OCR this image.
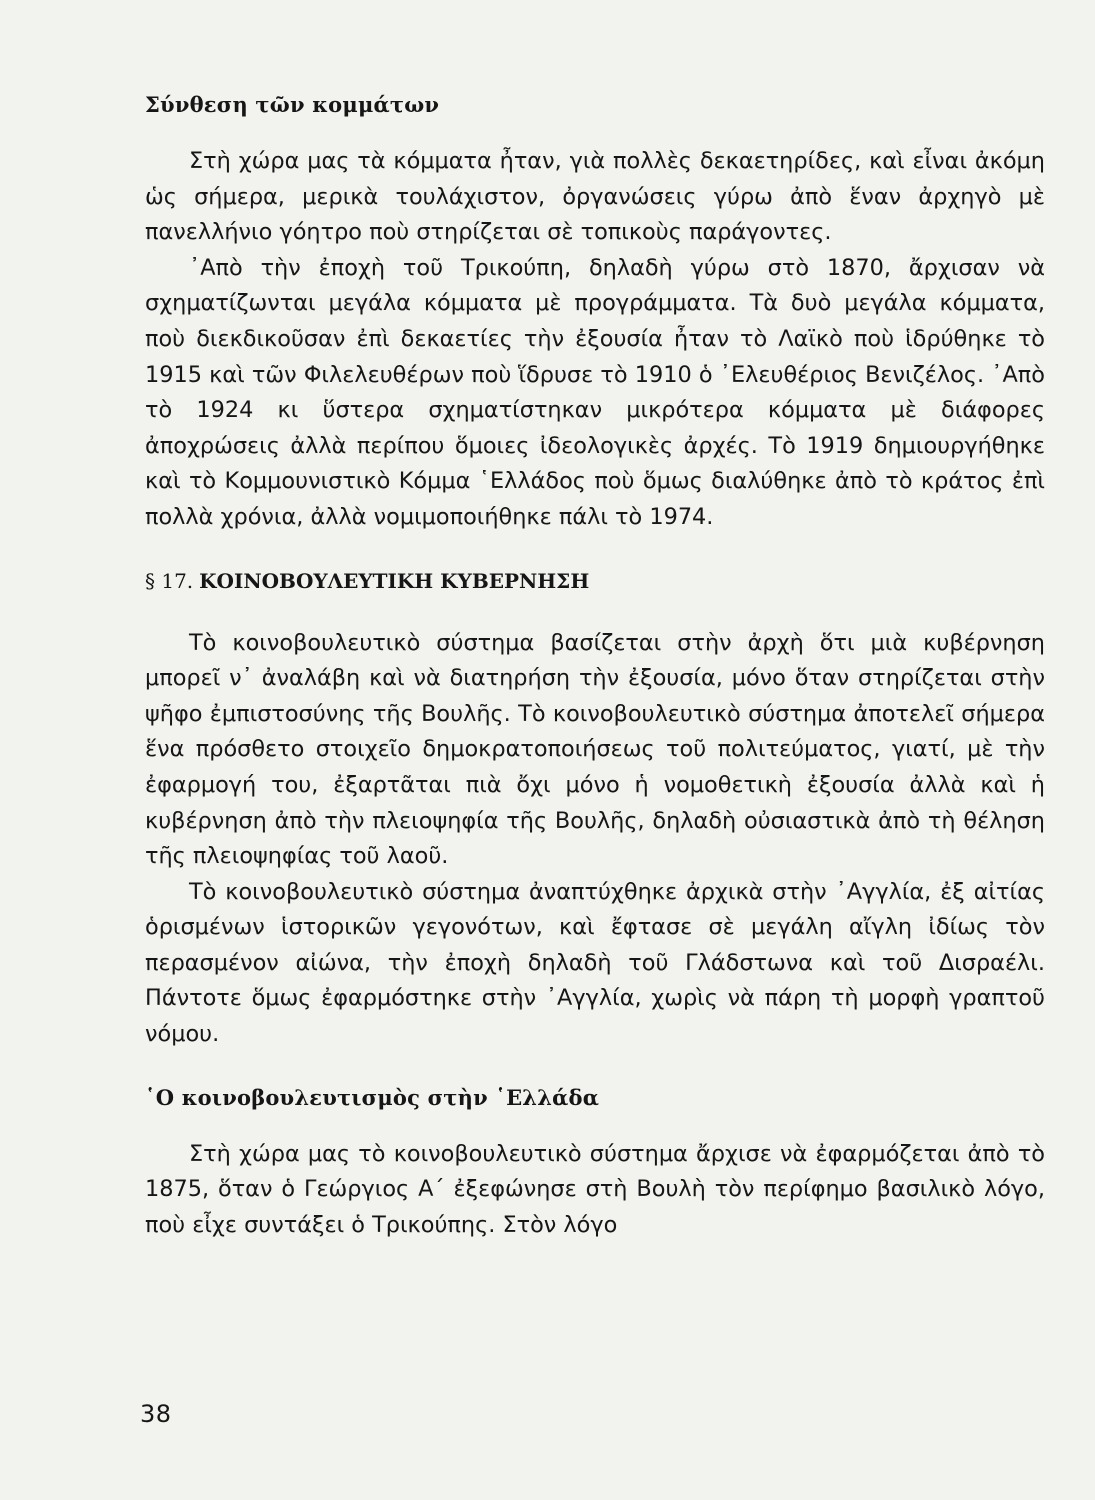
Σύνθεση τῶν κομμάτων

Στὴ χώρα μας τὰ κόμματα ἦταν, γιὰ πολλὲς δεκαετηρίδες, καὶ εἶναι ἀκόμη ὡς σήμερα, μερικὰ τουλάχιστον, ὀργανώσεις γύρω ἀπὸ ἕναν ἀρχηγὸ μὲ πανελλήνιο γόητρο ποὺ στηρίζεται σὲ τοπικοὺς παράγοντες.

᾿Απὸ τὴν ἐποχὴ τοῦ Τρικούπη, δηλαδὴ γύρω στὸ 1870, ἄρχισαν νὰ σχηματίζωνται μεγάλα κόμματα μὲ προγράμματα. Τὰ δυὸ μεγάλα κόμματα, ποὺ διεκδικοῦσαν ἐπὶ δεκαετίες τὴν ἐξουσία ἦταν τὸ Λαϊκὸ ποὺ ἱδρύθηκε τὸ 1915 καὶ τῶν Φιλελευθέρων ποὺ ἵδρυσε τὸ 1910 ὁ ᾿Ελευθέριος Βενιζέλος. ᾿Απὸ τὸ 1924 κι ὕστερα σχηματίστηκαν μικρότερα κόμματα μὲ διάφορες ἀποχρώσεις ἀλλὰ περίπου ὅμοιες ἰδεολογικὲς ἀρχές. Τὸ 1919 δημιουργήθηκε καὶ τὸ Κομμουνιστικὸ Κόμμα ῾Ελλάδος ποὺ ὅμως διαλύθηκε ἀπὸ τὸ κράτος ἐπὶ πολλὰ χρόνια, ἀλλὰ νομιμοποιήθηκε πάλι τὸ 1974.

§ 17. ΚΟΙΝΟΒΟΥΛΕΥΤΙΚΗ ΚΥΒΕΡΝΗΣΗ

Τὸ κοινοβουλευτικὸ σύστημα βασίζεται στὴν ἀρχὴ ὅτι μιὰ κυβέρνηση μπορεῖ ν᾿ ἀναλάβη καὶ νὰ διατηρήση τὴν ἐξουσία, μόνο ὅταν στηρίζεται στὴν ψῆφο ἐμπιστοσύνης τῆς Βουλῆς. Τὸ κοινοβουλευτικὸ σύστημα ἀποτελεῖ σήμερα ἕνα πρόσθετο στοιχεῖο δημοκρατοποιήσεως τοῦ πολιτεύματος, γιατί, μὲ τὴν ἐφαρμογή του, ἐξαρτᾶται πιὰ ὄχι μόνο ἡ νομοθετικὴ ἐξουσία ἀλλὰ καὶ ἡ κυβέρνηση ἀπὸ τὴν πλειοψηφία τῆς Βουλῆς, δηλαδὴ οὐσιαστικὰ ἀπὸ τὴ θέληση τῆς πλειοψηφίας τοῦ λαοῦ.

Τὸ κοινοβουλευτικὸ σύστημα ἀναπτύχθηκε ἀρχικὰ στὴν ᾿Αγγλία, ἐξ αἰτίας ὁρισμένων ἱστορικῶν γεγονότων, καὶ ἔφτασε σὲ μεγάλη αἴγλη ἰδίως τὸν περασμένον αἰώνα, τὴν ἐποχὴ δηλαδὴ τοῦ Γλάδστωνα καὶ τοῦ Δισραέλι. Πάντοτε ὅμως ἐφαρμόστηκε στὴν ᾿Αγγλία, χωρὶς νὰ πάρη τὴ μορφὴ γραπτοῦ νόμου.

῾Ο κοινοβουλευτισμὸς στὴν ῾Ελλάδα

Στὴ χώρα μας τὸ κοινοβουλευτικὸ σύστημα ἄρχισε νὰ ἐφαρμόζεται ἀπὸ τὸ 1875, ὅταν ὁ Γεώργιος Α΄ ἐξεφώνησε στὴ Βουλὴ τὸν περίφημο βασιλικὸ λόγο, ποὺ εἶχε συντάξει ὁ Τρικούπης. Στὸν λόγο

38
